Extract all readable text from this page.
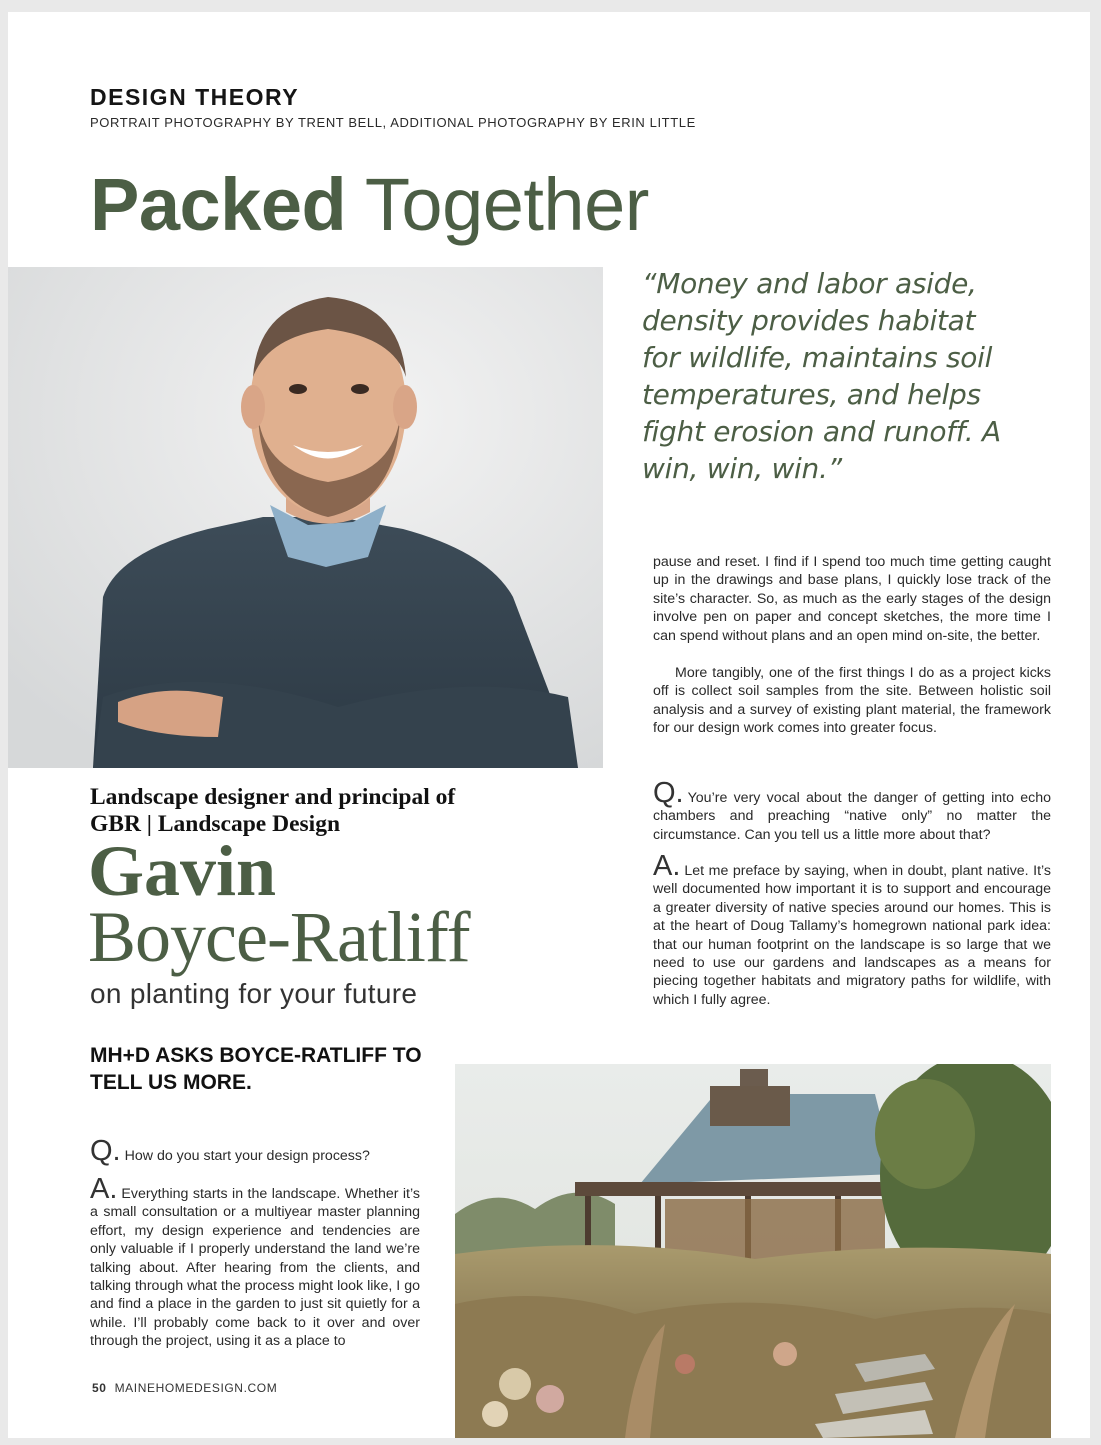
DESIGN THEORY
PORTRAIT PHOTOGRAPHY BY TRENT BELL, ADDITIONAL PHOTOGRAPHY BY ERIN LITTLE
Packed Together
“Money and labor aside, density provides habitat for wildlife, maintains soil temperatures, and helps fight erosion and runoff. A win, win, win.”
pause and reset. I find if I spend too much time getting caught up in the drawings and base plans, I quickly lose track of the site’s character. So, as much as the early stages of the design involve pen on paper and concept sketches, the more time I can spend without plans and an open mind on-site, the better.
More tangibly, one of the first things I do as a project kicks off is collect soil samples from the site. Between holistic soil analysis and a survey of existing plant material, the framework for our design work comes into greater focus.
Q. You’re very vocal about the danger of getting into echo chambers and preaching “native only” no matter the circumstance. Can you tell us a little more about that?
A. Let me preface by saying, when in doubt, plant native. It’s well documented how important it is to support and encourage a greater diversity of native species around our homes. This is at the heart of Doug Tallamy’s homegrown national park idea: that our human footprint on the landscape is so large that we need to use our gardens and landscapes as a means for piecing together habitats and migratory paths for wildlife, with which I fully agree.
Landscape designer and principal of GBR | Landscape Design
Gavin
Boyce-Ratliff
on planting for your future
MH+D ASKS BOYCE-RATLIFF TO TELL US MORE.
Q. How do you start your design process?
A. Everything starts in the landscape. Whether it’s a small consultation or a multiyear master planning effort, my design experience and tendencies are only valuable if I properly understand the land we’re talking about. After hearing from the clients, and talking through what the process might look like, I go and find a place in the garden to just sit quietly for a while. I’ll probably come back to it over and over through the project, using it as a place to
50 MAINEHOMEDESIGN.COM
